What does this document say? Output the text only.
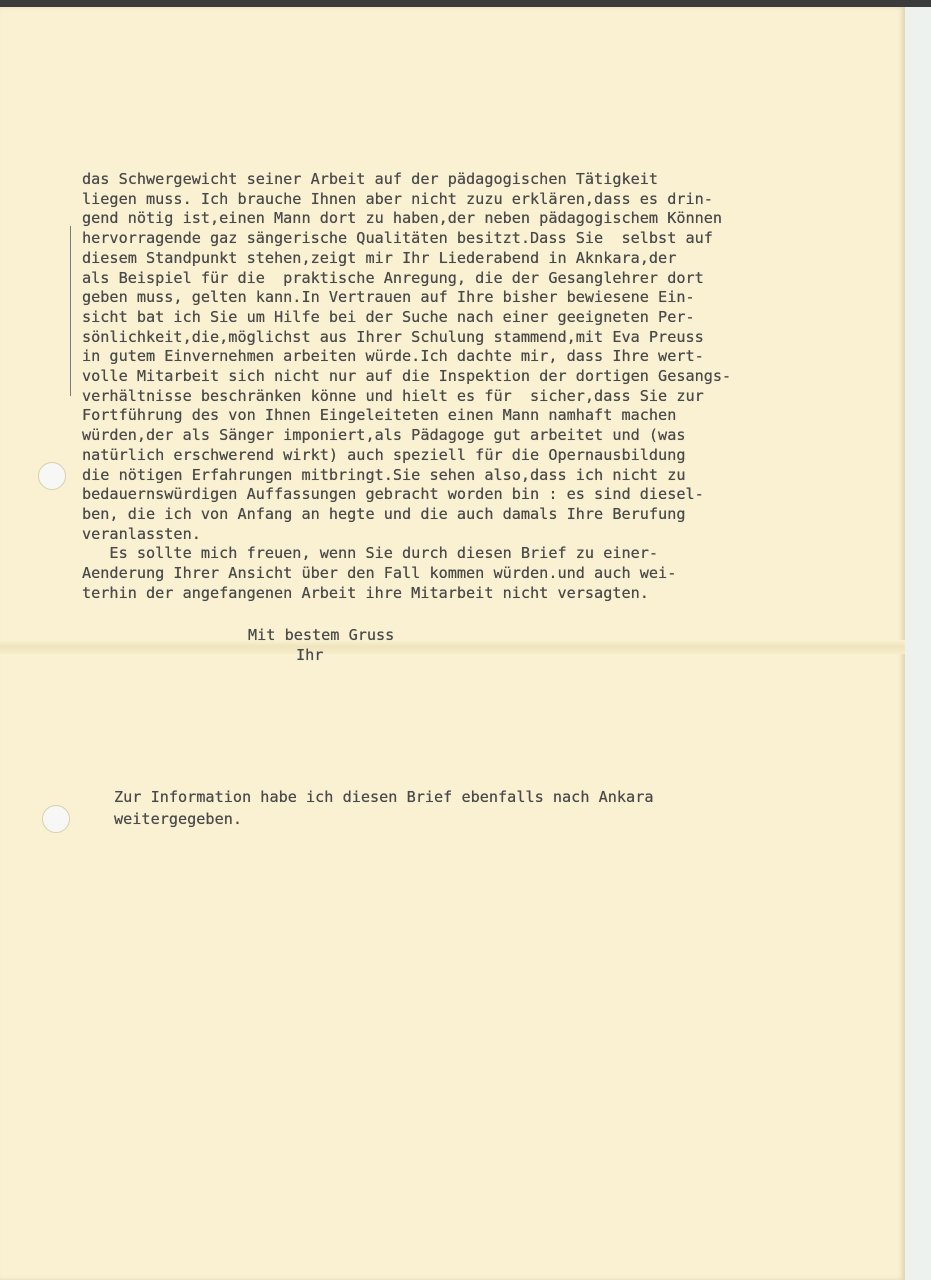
das Schwergewicht seiner Arbeit auf der pädagogischen Tätigkeit
liegen muss. Ich brauche Ihnen aber nicht zuzu erklären,dass es drin-
gend nötig ist,einen Mann dort zu haben,der neben pädagogischem Können
hervorragende gaz sängerische Qualitäten besitzt.Dass Sie  selbst auf
diesem Standpunkt stehen,zeigt mir Ihr Liederabend in Aknkara,der
als Beispiel für die  praktische Anregung, die der Gesanglehrer dort
geben muss, gelten kann.In Vertrauen auf Ihre bisher bewiesene Ein-
sicht bat ich Sie um Hilfe bei der Suche nach einer geeigneten Per-
sönlichkeit,die,möglichst aus Ihrer Schulung stammend,mit Eva Preuss
in gutem Einvernehmen arbeiten würde.Ich dachte mir, dass Ihre wert-
volle Mitarbeit sich nicht nur auf die Inspektion der dortigen Gesangs-
verhältnisse beschränken könne und hielt es für  sicher,dass Sie zur
Fortführung des von Ihnen Eingeleiteten einen Mann namhaft machen
würden,der als Sänger imponiert,als Pädagoge gut arbeitet und (was
natürlich erschwerend wirkt) auch speziell für die Opernausbildung
die nötigen Erfahrungen mitbringt.Sie sehen also,dass ich nicht zu
bedauernswürdigen Auffassungen gebracht worden bin : es sind diesel-
ben, die ich von Anfang an hegte und die auch damals Ihre Berufung
veranlassten.
Es sollte mich freuen, wenn Sie durch diesen Brief zu einer-
Aenderung Ihrer Ansicht über den Fall kommen würden.und auch wei-
terhin der angefangenen Arbeit ihre Mitarbeit nicht versagten.
Mit bestem Gruss
Ihr
Zur Information habe ich diesen Brief ebenfalls nach Ankara
weitergegeben.
